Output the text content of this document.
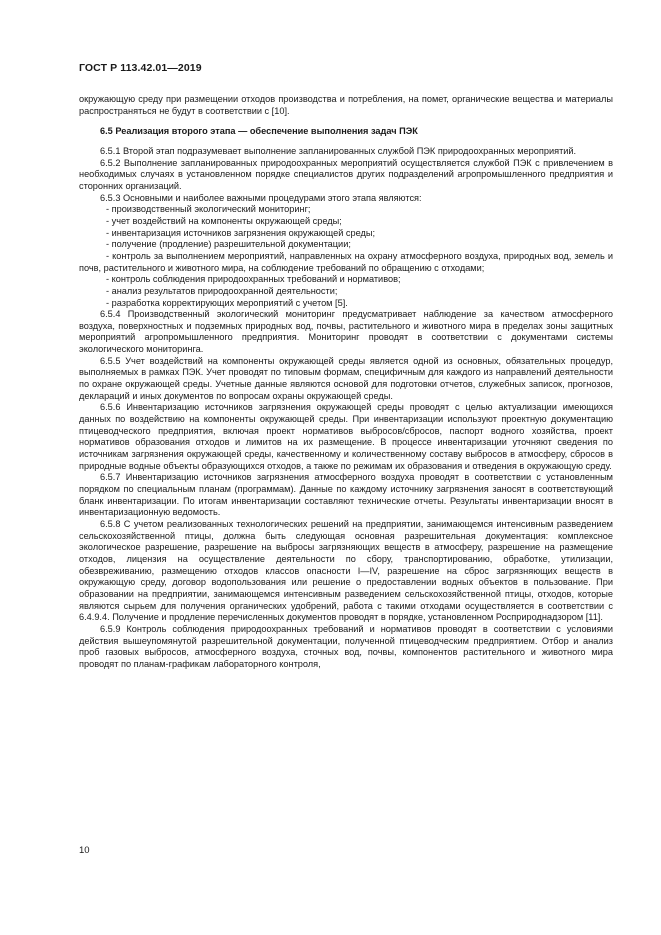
ГОСТ Р 113.42.01—2019

окружающую среду при размещении отходов производства и потребления, на помет, органические вещества и материалы распространяться не будут в соответствии с [10].

6.5 Реализация второго этапа — обеспечение выполнения задач ПЭК

6.5.1 Второй этап подразумевает выполнение запланированных службой ПЭК природоохранных мероприятий.

6.5.2 Выполнение запланированных природоохранных мероприятий осуществляется службой ПЭК с привлечением в необходимых случаях в установленном порядке специалистов других подразделений агропромышленного предприятия и сторонних организаций.

6.5.3 Основными и наиболее важными процедурами этого этапа являются:

- производственный экологический мониторинг;

- учет воздействий на компоненты окружающей среды;

- инвентаризация источников загрязнения окружающей среды;

- получение (продление) разрешительной документации;

- контроль за выполнением мероприятий, направленных на охрану атмосферного воздуха, природных вод, земель и почв, растительного и животного мира, на соблюдение требований по обращению с отходами;

- контроль соблюдения природоохранных требований и нормативов;

- анализ результатов природоохранной деятельности;

- разработка корректирующих мероприятий с учетом [5].

6.5.4 Производственный экологический мониторинг предусматривает наблюдение за качеством атмосферного воздуха, поверхностных и подземных природных вод, почвы, растительного и животного мира в пределах зоны защитных мероприятий агропромышленного предприятия. Мониторинг проводят в соответствии с документами системы экологического мониторинга.

6.5.5 Учет воздействий на компоненты окружающей среды является одной из основных, обязательных процедур, выполняемых в рамках ПЭК. Учет проводят по типовым формам, специфичным для каждого из направлений деятельности по охране окружающей среды. Учетные данные являются основой для подготовки отчетов, служебных записок, прогнозов, деклараций и иных документов по вопросам охраны окружающей среды.

6.5.6 Инвентаризацию источников загрязнения окружающей среды проводят с целью актуализации имеющихся данных по воздействию на компоненты окружающей среды. При инвентаризации используют проектную документацию птицеводческого предприятия, включая проект нормативов выбросов/сбросов, паспорт водного хозяйства, проект нормативов образования отходов и лимитов на их размещение. В процессе инвентаризации уточняют сведения по источникам загрязнения окружающей среды, качественному и количественному составу выбросов в атмосферу, сбросов в природные водные объекты образующихся отходов, а также по режимам их образования и отведения в окружающую среду.

6.5.7 Инвентаризацию источников загрязнения атмосферного воздуха проводят в соответствии с установленным порядком по специальным планам (программам). Данные по каждому источнику загрязнения заносят в соответствующий бланк инвентаризации. По итогам инвентаризации составляют технические отчеты. Результаты инвентаризации вносят в инвентаризационную ведомость.

6.5.8 С учетом реализованных технологических решений на предприятии, занимающемся интенсивным разведением сельскохозяйственной птицы, должна быть следующая основная разрешительная документация: комплексное экологическое разрешение, разрешение на выбросы загрязняющих веществ в атмосферу, разрешение на размещение отходов, лицензия на осуществление деятельности по сбору, транспортированию, обработке, утилизации, обезвреживанию, размещению отходов классов опасности I—IV, разрешение на сброс загрязняющих веществ в окружающую среду, договор водопользования или решение о предоставлении водных объектов в пользование. При образовании на предприятии, занимающемся интенсивным разведением сельскохозяйственной птицы, отходов, которые являются сырьем для получения органических удобрений, работа с такими отходами осуществляется в соответствии с 6.4.9.4. Получение и продление перечисленных документов проводят в порядке, установленном Росприроднадзором [11].

6.5.9 Контроль соблюдения природоохранных требований и нормативов проводят в соответствии с условиями действия вышеупомянутой разрешительной документации, полученной птицеводческим предприятием. Отбор и анализ проб газовых выбросов, атмосферного воздуха, сточных вод, почвы, компонентов растительного и животного мира проводят по планам-графикам лабораторного контроля,

10
